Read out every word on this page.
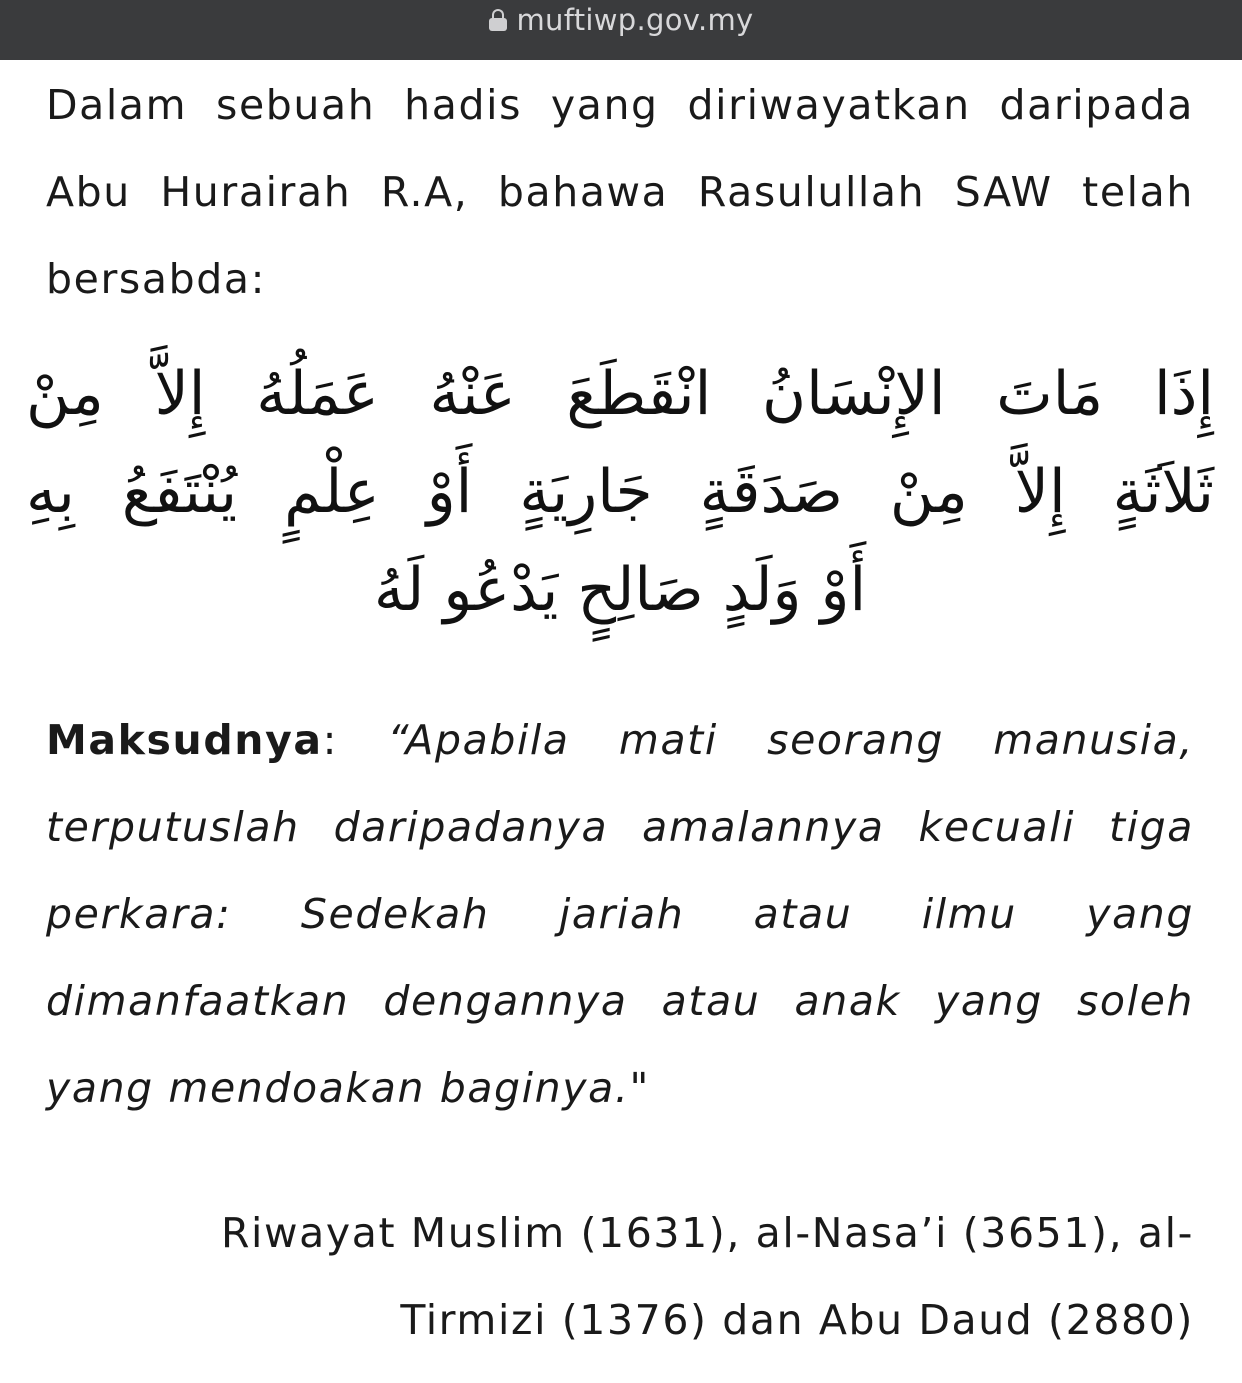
muftiwp.gov.my

Dalam sebuah hadis yang diriwayatkan daripada Abu Hurairah R.A, bahawa Rasulullah SAW telah bersabda:

إِذَا مَاتَ الإِنْسَانُ انْقَطَعَ عَنْهُ عَمَلُهُ إِلاَّ مِنْ
ثَلاَثَةٍ إِلاَّ مِنْ صَدَقَةٍ جَارِيَةٍ أَوْ عِلْمٍ يُنْتَفَعُ بِهِ
أَوْ وَلَدٍ صَالِحٍ يَدْعُو لَهُ

Maksudnya: “Apabila mati seorang manusia, terputuslah daripadanya amalannya kecuali tiga perkara: Sedekah jariah atau ilmu yang dimanfaatkan dengannya atau anak yang soleh yang mendoakan baginya."

Riwayat Muslim (1631), al-Nasa’i (3651), al-
Tirmizi (1376) dan Abu Daud (2880)
